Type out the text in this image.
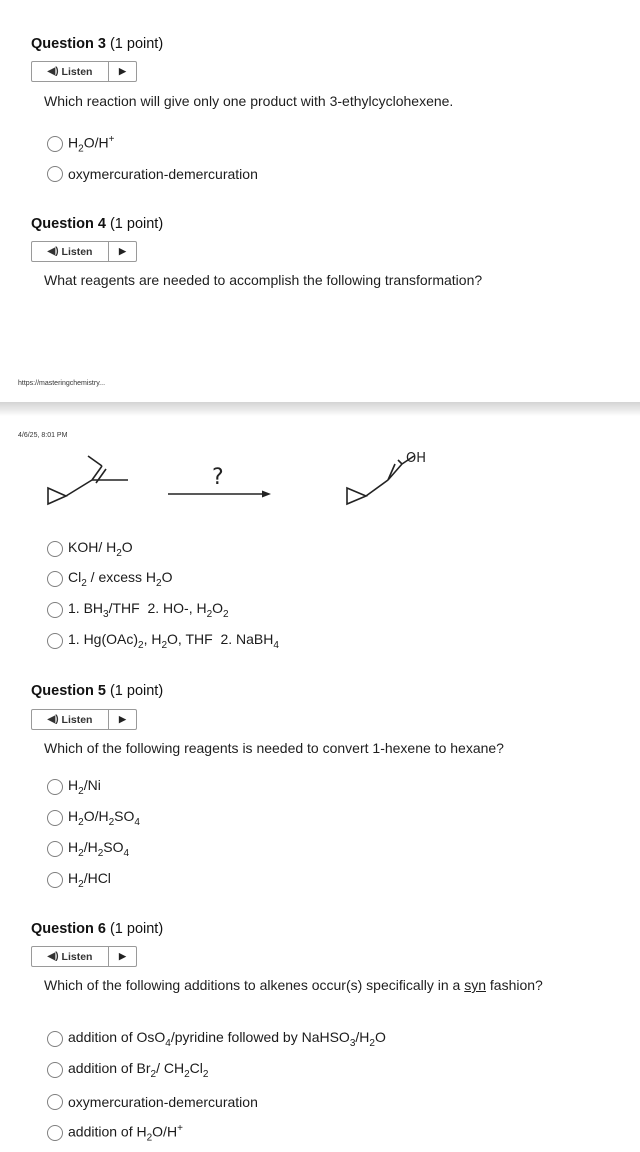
Question 3 (1 point)
◀) Listen	▶
Which reaction will give only one product with 3-ethylcyclohexene.
$H_2O/H^+$
oxymercuration-demercuration
Question 4 (1 point)
◀) Listen	▶
What reagents are needed to accomplish the following transformation?
https://masteringchemistry...
4/6/25, 8:01 PM
?
OH
KOH/ $H_2O$
$Cl_2$ / excess $H_2O$
1. $BH_3$/THF  2. HO-, $H_2O_2$
1. $Hg(OAc)_2$, $H_2O$, THF  2. NaBH$_4$
Question 5 (1 point)
◀) Listen	▶
Which of the following reagents is needed to convert 1-hexene to hexane?
$H_2/Ni$
$H_2O/H_2SO_4$
$H_2/H_2SO_4$
$H_2$/HCl
Question 6 (1 point)
◀) Listen	▶
Which of the following additions to alkenes occur(s) specifically in a syn fashion?
addition of OsO$_4$/pyridine followed by $NaHSO_3/H_2O$
addition of $Br_2/$ $CH_2Cl_2$
oxymercuration-demercuration
addition of $H_2O/H^+$
